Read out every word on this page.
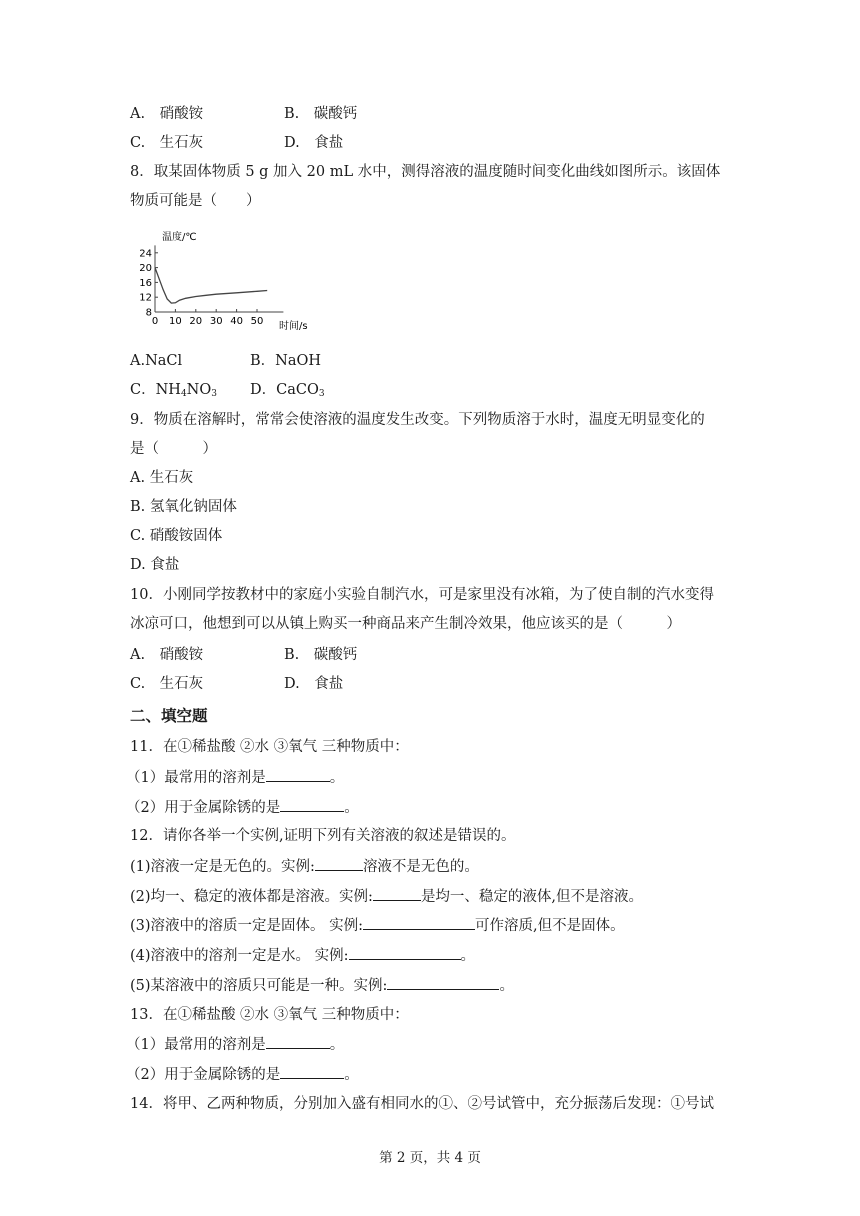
A.　硝酸铵	B.　碳酸钙
C.　生石灰	D.　食盐
8．取某固体物质 5 g 加入 20 mL 水中，测得溶液的温度随时间变化曲线如图所示。该固体
物质可能是（　　）
0 10 20 30 40 50
8
12
16
20
24
温度/℃
时间/s
A.NaCl	B．NaOH
C．$NH_4NO_3$ D．CaCO$_3$
9．物质在溶解时，常常会使溶液的温度发生改变。下列物质溶于水时，温度无明显变化的
是（　　　）
A. 生石灰
B. 氢氧化钠固体
C. 硝酸铵固体
D. 食盐
10．小刚同学按教材中的家庭小实验自制汽水，可是家里没有冰箱，为了使自制的汽水变得
冰凉可口，他想到可以从镇上购买一种商品来产生制冷效果，他应该买的是（　　　）
A.　硝酸铵	B.　碳酸钙
C.　生石灰	D.　食盐
二、填空题
11．在①稀盐酸 ②水 ③氧气 三种物质中：
（1）最常用的溶剂是	。
（2）用于金属除锈的是	。
12．请你各举一个实例,证明下列有关溶液的叙述是错误的。
(1)溶液一定是无色的。实例:	溶液不是无色的。
(2)均一、稳定的液体都是溶液。实例:	是均一、稳定的液体,但不是溶液。
(3)溶液中的溶质一定是固体。 实例:	可作溶质,但不是固体。
(4)溶液中的溶剂一定是水。 实例:	。
(5)某溶液中的溶质只可能是一种。实例:	。
13．在①稀盐酸 ②水 ③氧气 三种物质中：
（1）最常用的溶剂是	。
（2）用于金属除锈的是	。
14．将甲、乙两种物质，分别加入盛有相同水的①、②号试管中，充分振荡后发现：①号试
第 2 页，共 4 页
